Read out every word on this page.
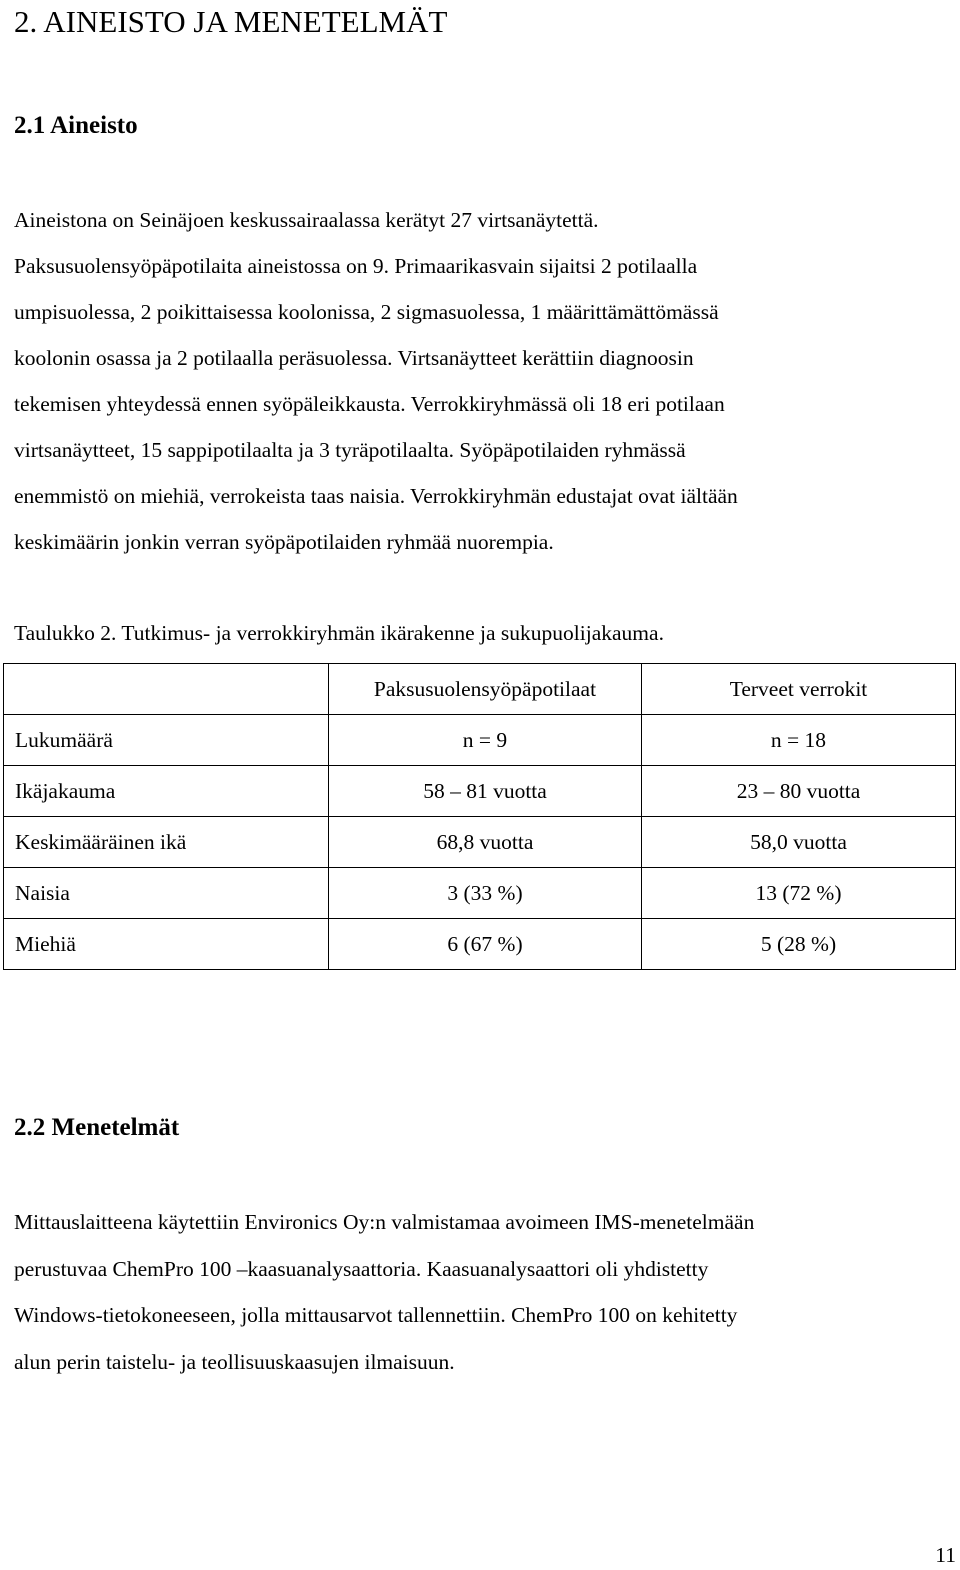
2. AINEISTO JA MENETELMÄT
2.1 Aineisto
Aineistona on Seinäjoen keskussairaalassa kerätyt 27 virtsanäytettä.
Paksusuolensyöpäpotilaita aineistossa on 9. Primaarikasvain sijaitsi 2 potilaalla
umpisuolessa, 2 poikittaisessa koolonissa, 2 sigmasuolessa, 1 määrittämättömässä
koolonin osassa ja 2 potilaalla peräsuolessa. Virtsanäytteet kerättiin diagnoosin
tekemisen yhteydessä ennen syöpäleikkausta. Verrokkiryhmässä oli 18 eri potilaan
virtsanäytteet, 15 sappipotilaalta ja 3 tyräpotilaalta. Syöpäpotilaiden ryhmässä
enemmistö on miehiä, verrokeista taas naisia. Verrokkiryhmän edustajat ovat iältään
keskimäärin jonkin verran syöpäpotilaiden ryhmää nuorempia.

Taulukko 2. Tutkimus- ja verrokkiryhmän ikärakenne ja sukupuolijakauma.

	Paksusuolensyöpäpotilaat	Terveet verrokit
Lukumäärä	n = 9	n = 18
Ikäjakauma	58 – 81 vuotta	23 – 80 vuotta
Keskimääräinen ikä	68,8 vuotta	58,0 vuotta
Naisia	3 (33 %)	13 (72 %)
Miehiä	6 (67 %)	5 (28 %)
2.2 Menetelmät
Mittauslaitteena käytettiin Environics Oy:n valmistamaa avoimeen IMS-menetelmään
perustuvaa ChemPro 100 –kaasuanalysaattoria. Kaasuanalysaattori oli yhdistetty
Windows-tietokoneeseen, jolla mittausarvot tallennettiin. ChemPro 100 on kehitetty
alun perin taistelu- ja teollisuuskaasujen ilmaisuun.
11
